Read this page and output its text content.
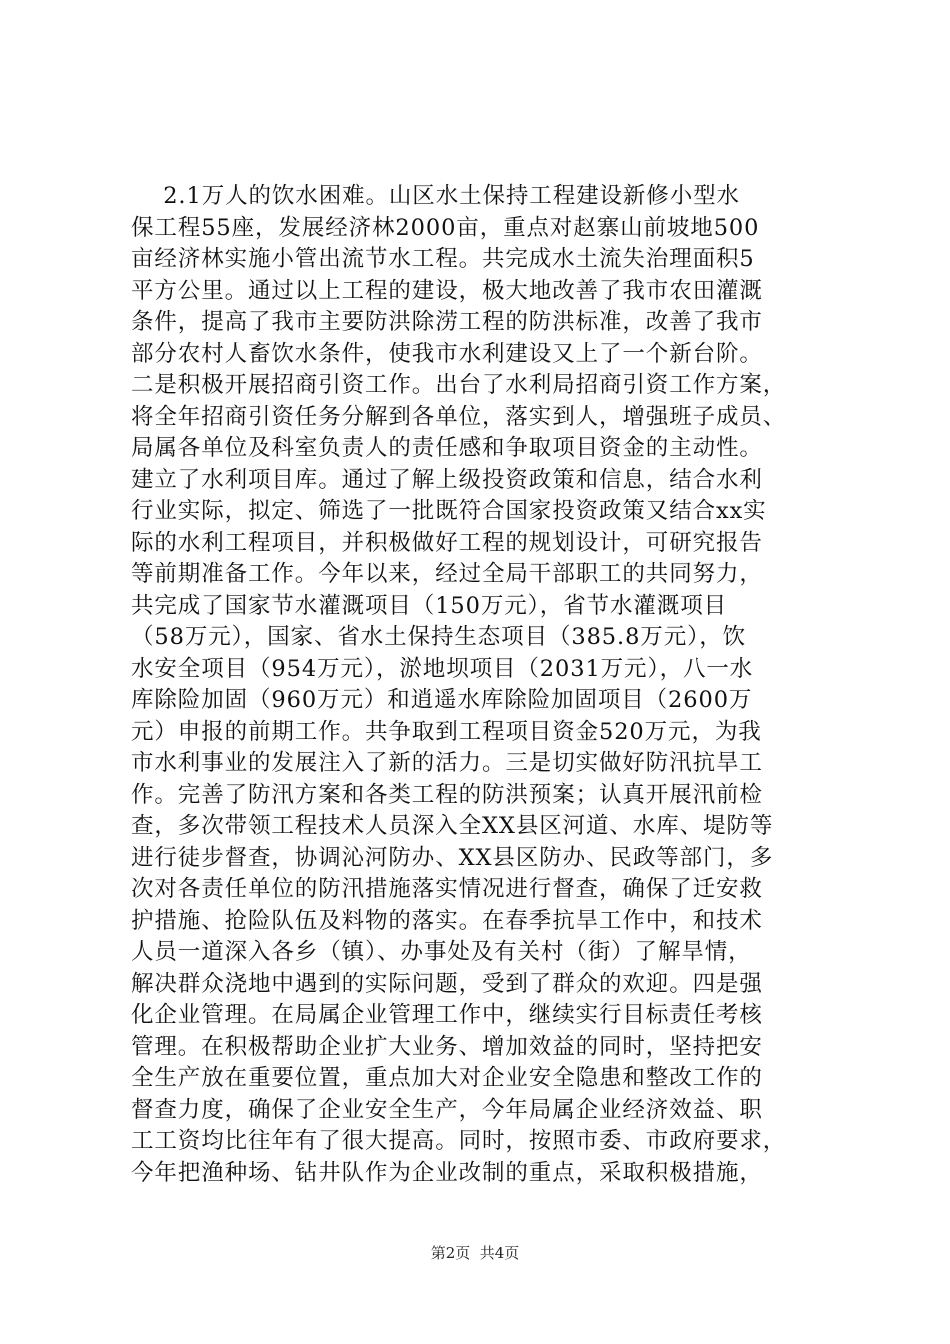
2.1万人的饮水困难。山区水土保持工程建设新修小型水
保工程55座，发展经济林2000亩，重点对赵寨山前坡地500
亩经济林实施小管出流节水工程。共完成水土流失治理面积5
平方公里。通过以上工程的建设，极大地改善了我市农田灌溉
条件，提高了我市主要防洪除涝工程的防洪标准，改善了我市
部分农村人畜饮水条件，使我市水利建设又上了一个新台阶。
二是积极开展招商引资工作。出台了水利局招商引资工作方案，
将全年招商引资任务分解到各单位，落实到人，增强班子成员、
局属各单位及科室负责人的责任感和争取项目资金的主动性。
建立了水利项目库。通过了解上级投资政策和信息，结合水利
行业实际，拟定、筛选了一批既符合国家投资政策又结合xx实
际的水利工程项目，并积极做好工程的规划设计，可研究报告
等前期准备工作。今年以来，经过全局干部职工的共同努力，
共完成了国家节水灌溉项目（150万元），省节水灌溉项目
（58万元），国家、省水土保持生态项目（385.8万元），饮
水安全项目（954万元），淤地坝项目（2031万元），八一水
库除险加固（960万元）和逍遥水库除险加固项目（2600万
元）申报的前期工作。共争取到工程项目资金520万元，为我
市水利事业的发展注入了新的活力。三是切实做好防汛抗旱工
作。完善了防汛方案和各类工程的防洪预案；认真开展汛前检
查，多次带领工程技术人员深入全XX县区河道、水库、堤防等
进行徒步督查，协调沁河防办、XX县区防办、民政等部门，多
次对各责任单位的防汛措施落实情况进行督查，确保了迁安救
护措施、抢险队伍及料物的落实。在春季抗旱工作中，和技术
人员一道深入各乡（镇）、办事处及有关村（街）了解旱情，
解决群众浇地中遇到的实际问题，受到了群众的欢迎。四是强
化企业管理。在局属企业管理工作中，继续实行目标责任考核
管理。在积极帮助企业扩大业务、增加效益的同时，坚持把安
全生产放在重要位置，重点加大对企业安全隐患和整改工作的
督查力度，确保了企业安全生产，今年局属企业经济效益、职
工工资均比往年有了很大提高。同时，按照市委、市政府要求，
今年把渔种场、钻井队作为企业改制的重点，采取积极措施，
第2页  共4页
